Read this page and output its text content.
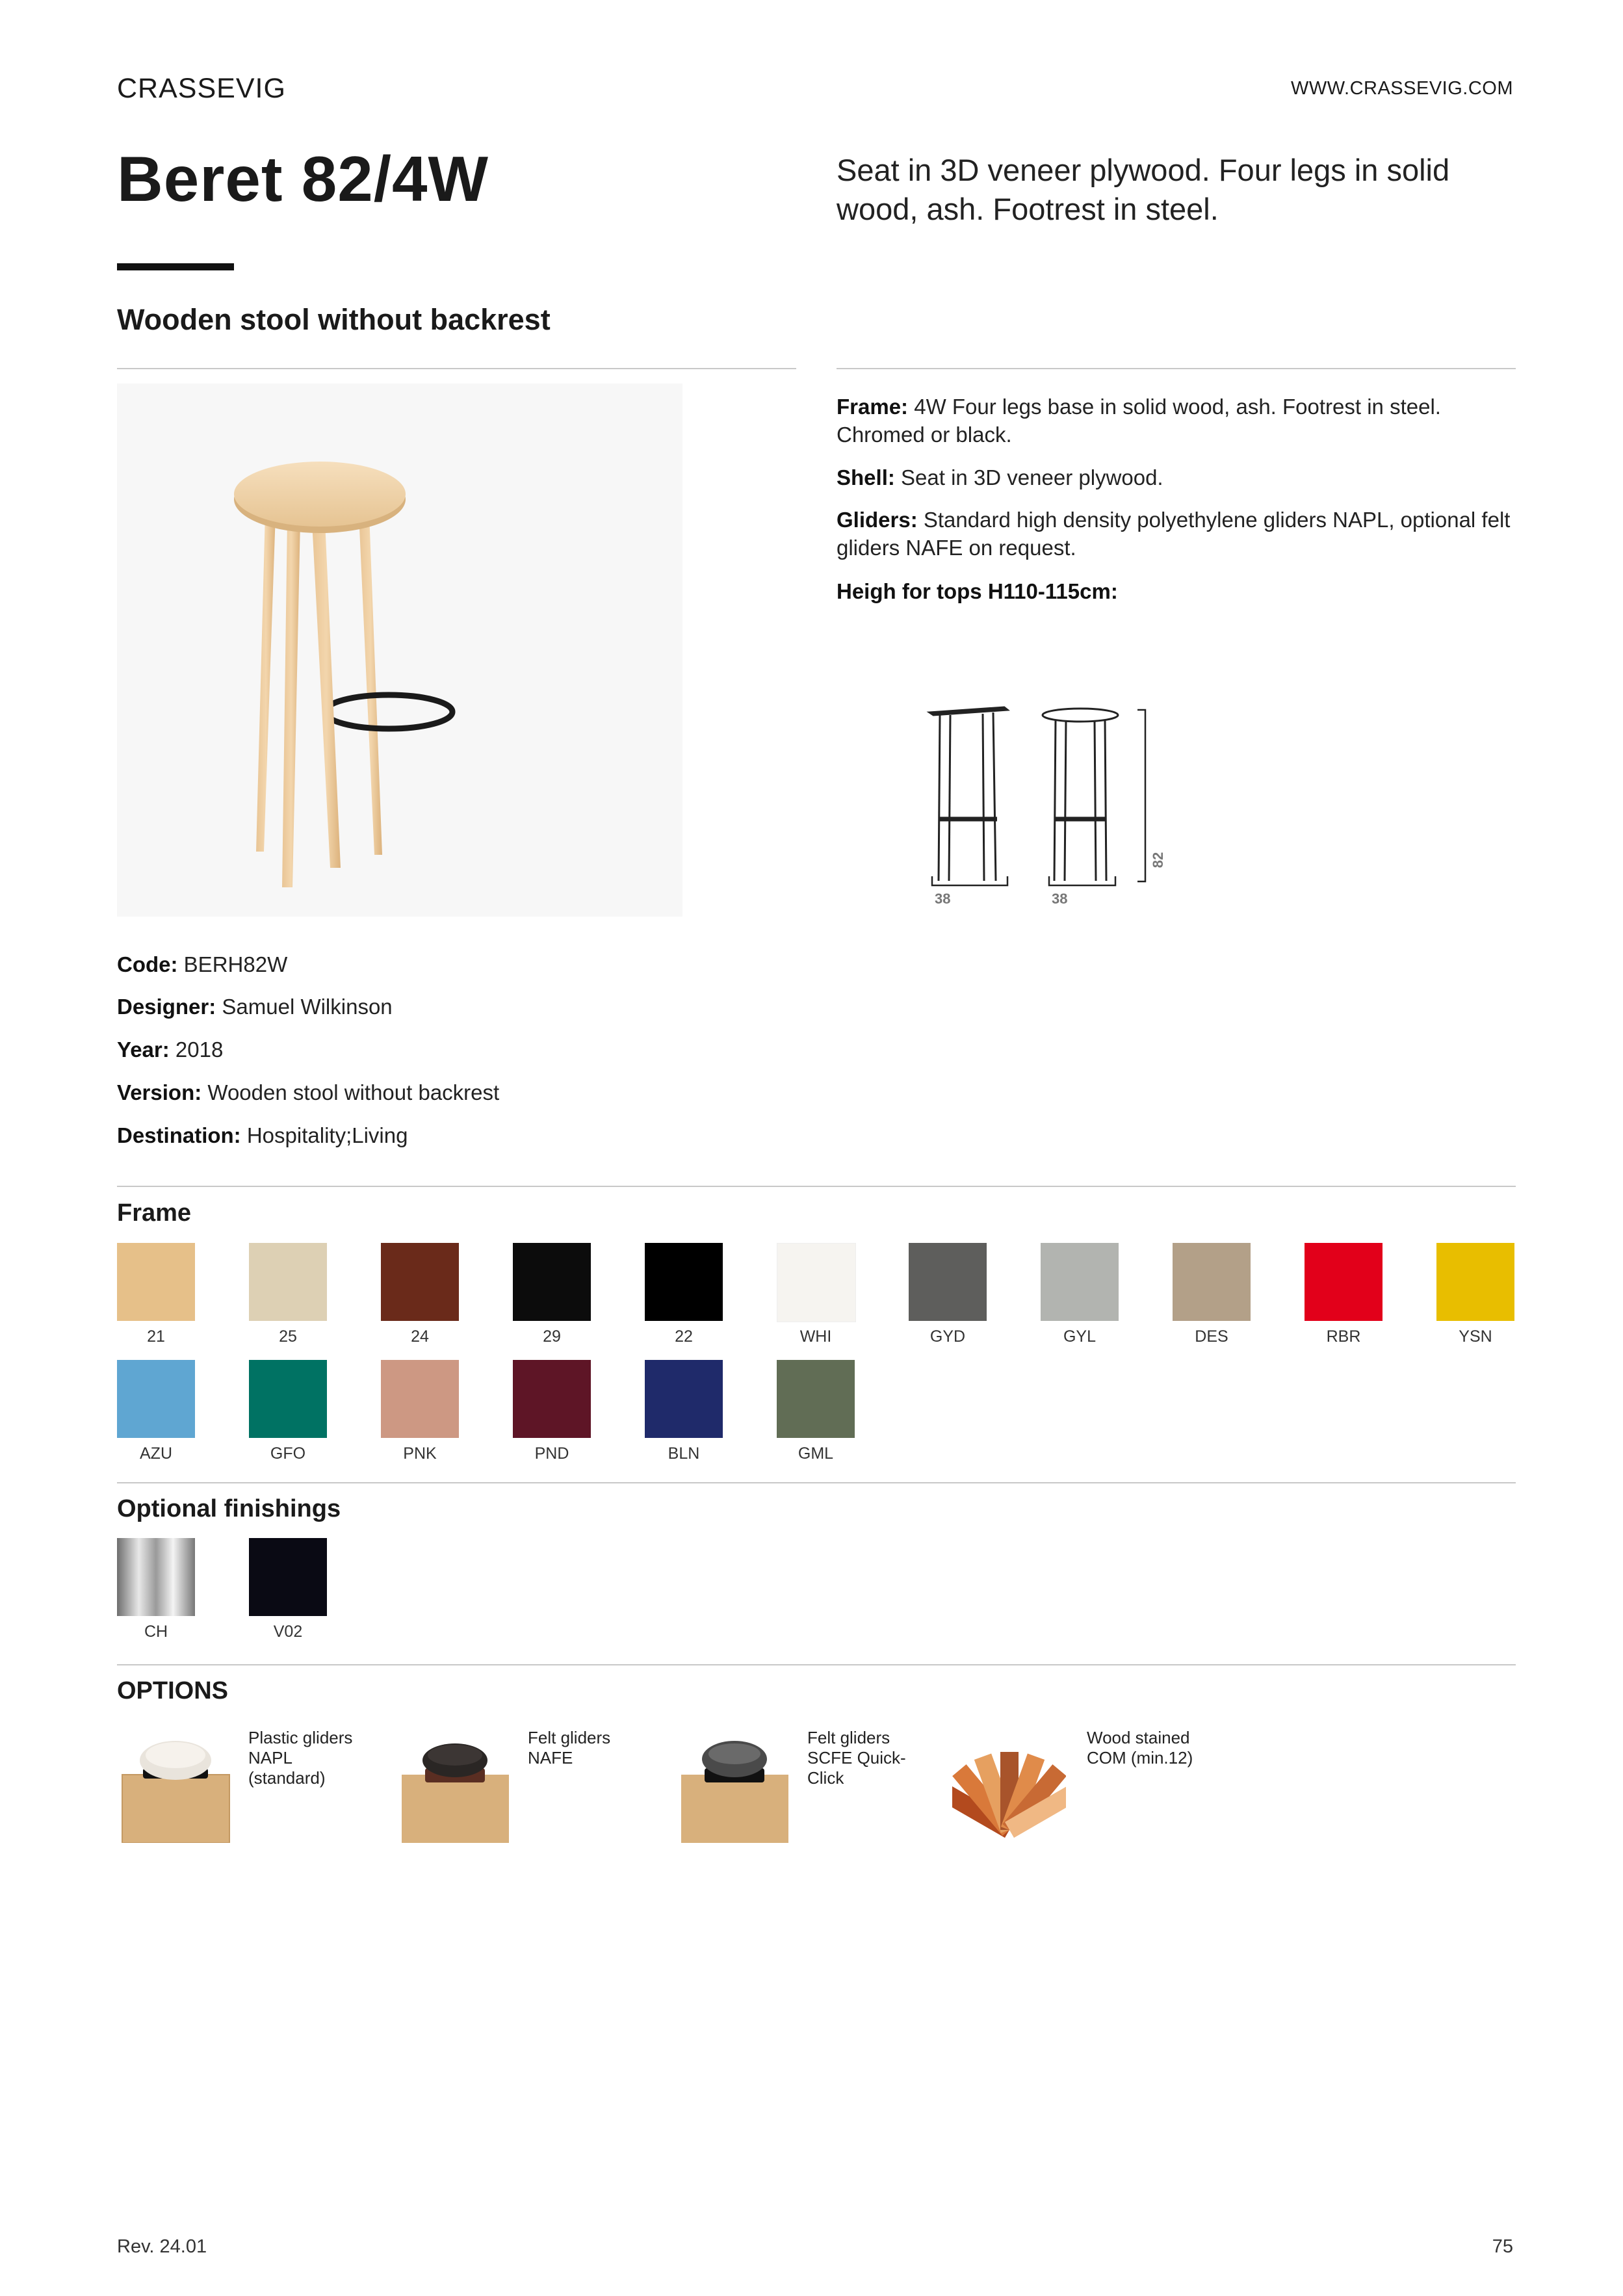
CRASSEVIG	WWW.CRASSEVIG.COM
Beret 82/4W	Seat in 3D veneer plywood. Four legs in solid wood, ash. Footrest in steel.
Wooden stool without backrest
Frame: 4W Four legs base in solid wood, ash. Footrest in steel. Chromed or black.
Shell: Seat in 3D veneer plywood.
Gliders: Standard high density polyethylene gliders NAPL, optional felt gliders NAFE on request.
Heigh for tops H110-115cm:
38	38
82
Code: BERH82W
Designer: Samuel Wilkinson
Year: 2018
Version: Wooden stool without backrest
Destination: Hospitality;Living
Frame
21	25	24	29	22	WHI	GYD	GYL	DES	RBR	YSN
AZU	GFO	PNK	PND	BLN	GML
Optional finishings
CH	V02
OPTIONS
Plastic gliders
NAPL
(standard)
Felt gliders
NAFE
Felt gliders
SCFE Quick-
Click
Wood stained
COM (min.12)
Rev. 24.01	75
